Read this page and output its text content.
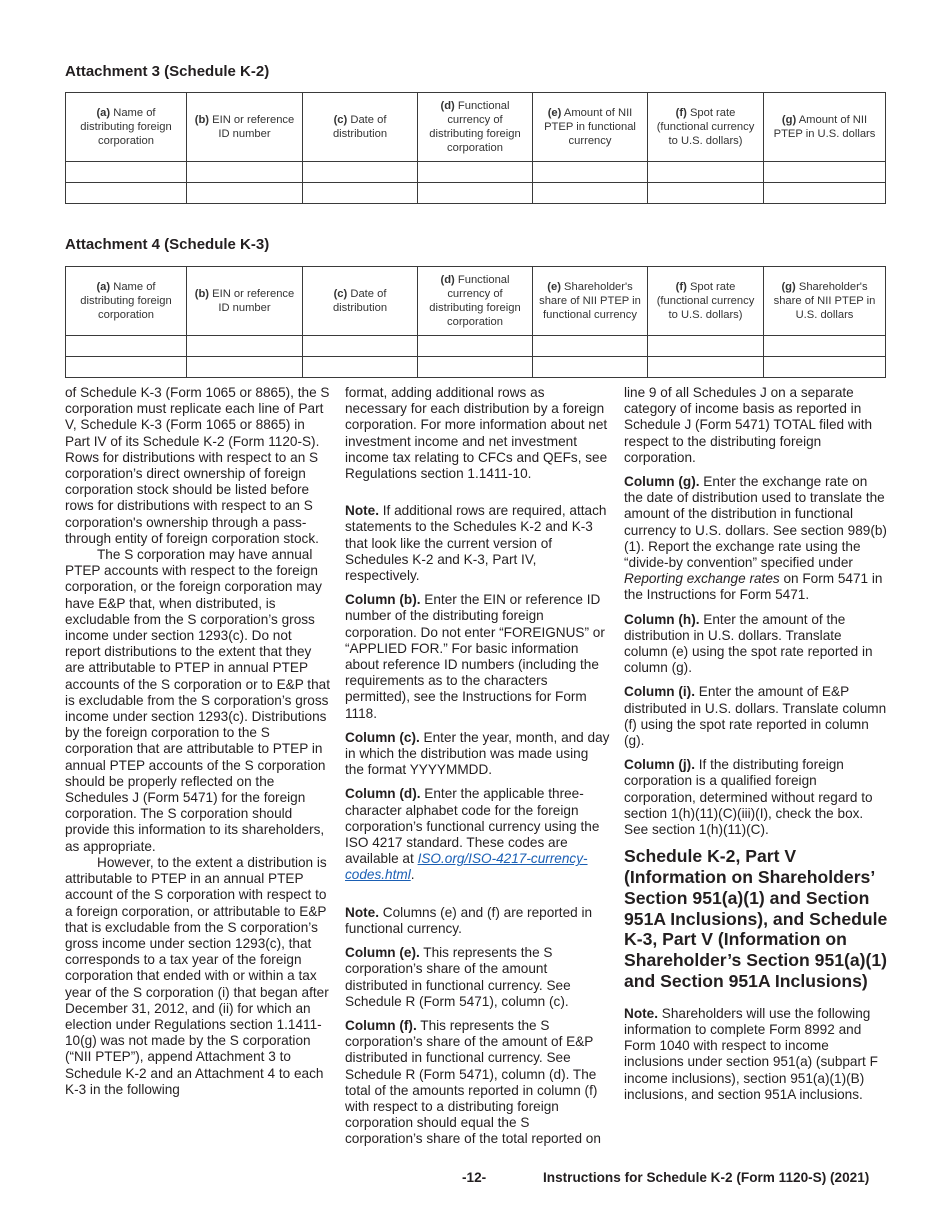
Attachment 3 (Schedule K-2)
(a) Name of distributing foreign corporation	(b) EIN or reference ID number	(c) Date of distribution	(d) Functional currency of distributing foreign corporation	(e) Amount of NII PTEP in functional currency	(f) Spot rate (functional currency to U.S. dollars)	(g) Amount of NII PTEP in U.S. dollars

Attachment 4 (Schedule K-3)
(a) Name of distributing foreign corporation	(b) EIN or reference ID number	(c) Date of distribution	(d) Functional currency of distributing foreign corporation	(e) Shareholder's share of NII PTEP in functional currency	(f) Spot rate (functional currency to U.S. dollars)	(g) Shareholder's share of NII PTEP in U.S. dollars

of Schedule K-3 (Form 1065 or 8865), the S corporation must replicate each line of Part V, Schedule K-3 (Form 1065 or 8865) in Part IV of its Schedule K-2 (Form 1120-S). Rows for distributions with respect to an S corporation’s direct ownership of foreign corporation stock should be listed before rows for distributions with respect to an S corporation's ownership through a pass-through entity of foreign corporation stock.

The S corporation may have annual PTEP accounts with respect to the foreign corporation, or the foreign corporation may have E&P that, when distributed, is excludable from the S corporation’s gross income under section 1293(c). Do not report distributions to the extent that they are attributable to PTEP in annual PTEP accounts of the S corporation or to E&P that is excludable from the S corporation’s gross income under section 1293(c). Distributions by the foreign corporation to the S corporation that are attributable to PTEP in annual PTEP accounts of the S corporation should be properly reflected on the Schedules J (Form 5471) for the foreign corporation. The S corporation should provide this information to its shareholders, as appropriate.

However, to the extent a distribution is attributable to PTEP in an annual PTEP account of the S corporation with respect to a foreign corporation, or attributable to E&P that is excludable from the S corporation’s gross income under section 1293(c), that corresponds to a tax year of the foreign corporation that ended with or within a tax year of the S corporation (i) that began after December 31, 2012, and (ii) for which an election under Regulations section 1.1411-10(g) was not made by the S corporation (“NII PTEP”), append Attachment 3 to Schedule K-2 and an Attachment 4 to each K-3 in the following

format, adding additional rows as necessary for each distribution by a foreign corporation. For more information about net investment income and net investment income tax relating to CFCs and QEFs, see Regulations section 1.1411-10.

Note. If additional rows are required, attach statements to the Schedules K-2 and K-3 that look like the current version of Schedules K-2 and K-3, Part IV, respectively.

Column (b). Enter the EIN or reference ID number of the distributing foreign corporation. Do not enter “FOREIGNUS” or “APPLIED FOR.” For basic information about reference ID numbers (including the requirements as to the characters permitted), see the Instructions for Form 1118.

Column (c). Enter the year, month, and day in which the distribution was made using the format YYYYMMDD.

Column (d). Enter the applicable three-character alphabet code for the foreign corporation’s functional currency using the ISO 4217 standard. These codes are available at ISO.org/ISO-4217-currency-codes.html.

Note. Columns (e) and (f) are reported in functional currency.

Column (e). This represents the S corporation’s share of the amount distributed in functional currency. See Schedule R (Form 5471), column (c).

Column (f). This represents the S corporation’s share of the amount of E&P distributed in functional currency. See Schedule R (Form 5471), column (d). The total of the amounts reported in column (f) with respect to a distributing foreign corporation should equal the S corporation’s share of the total reported on

line 9 of all Schedules J on a separate category of income basis as reported in Schedule J (Form 5471) TOTAL filed with respect to the distributing foreign corporation.

Column (g). Enter the exchange rate on the date of distribution used to translate the amount of the distribution in functional currency to U.S. dollars. See section 989(b)(1). Report the exchange rate using the “divide-by convention” specified under Reporting exchange rates on Form 5471 in the Instructions for Form 5471.

Column (h). Enter the amount of the distribution in U.S. dollars. Translate column (e) using the spot rate reported in column (g).

Column (i). Enter the amount of E&P distributed in U.S. dollars. Translate column (f) using the spot rate reported in column (g).

Column (j). If the distributing foreign corporation is a qualified foreign corporation, determined without regard to section 1(h)(11)(C)(iii)(I), check the box. See section 1(h)(11)(C).

Schedule K-2, Part V (Information on Shareholders’ Section 951(a)(1) and Section 951A Inclusions), and Schedule K-3, Part V (Information on Shareholder’s Section 951(a)(1) and Section 951A Inclusions)

Note. Shareholders will use the following information to complete Form 8992 and Form 1040 with respect to income inclusions under section 951(a) (subpart F income inclusions), section 951(a)(1)(B) inclusions, and section 951A inclusions.

-12-	Instructions for Schedule K-2 (Form 1120-S) (2021)
